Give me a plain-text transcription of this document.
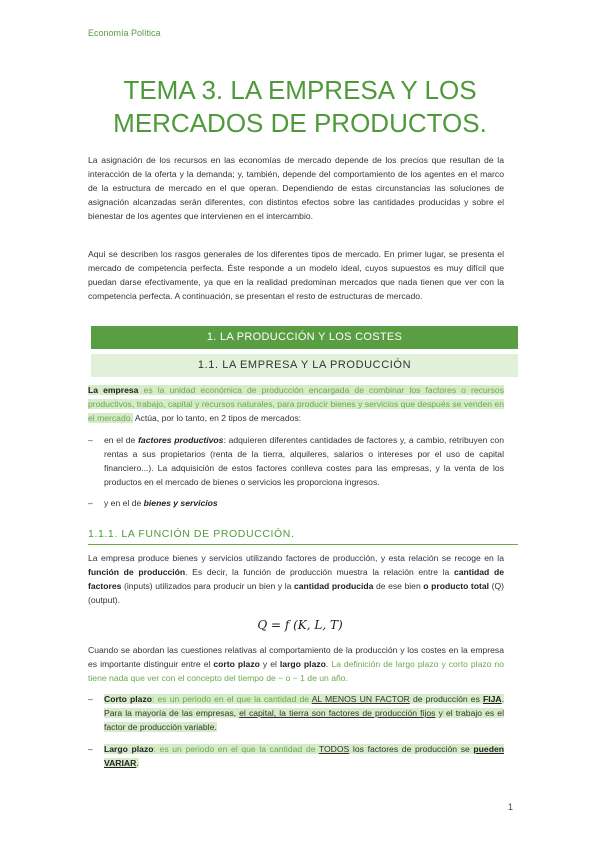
Economía Política
TEMA 3. LA EMPRESA Y LOS
MERCADOS DE PRODUCTOS.

La asignación de los recursos en las economías de mercado depende de los precios que resultan de la interacción de la oferta y la demanda; y, también, depende del comportamiento de los agentes en el marco de la estructura de mercado en el que operan. Dependiendo de estas circunstancias las soluciones de asignación alcanzadas serán diferentes, con distintos efectos sobre las cantidades producidas y sobre el bienestar de los agentes que intervienen en el intercambio.

Aquí se describen los rasgos generales de los diferentes tipos de mercado. En primer lugar, se presenta el mercado de competencia perfecta. Éste responde a un modelo ideal, cuyos supuestos es muy difícil que puedan darse efectivamente, ya que en la realidad predominan mercados que nada tienen que ver con la competencia perfecta. A continuación, se presentan el resto de estructuras de mercado.

1. LA PRODUCCIÓN Y LOS COSTES
1.1. LA EMPRESA Y LA PRODUCCIÓN

La empresa es la unidad económica de producción encargada de combinar los factores o recursos productivos, trabajo, capital y recursos naturales, para producir bienes y servicios que después se venden en el mercado. Actúa, por lo tanto, en 2 tipos de mercados:

– en el de factores productivos: adquieren diferentes cantidades de factores y, a cambio, retribuyen con rentas a sus propietarios (renta de la tierra, alquileres, salarios o intereses por el uso de capital financiero...). La adquisición de estos factores conlleva costes para las empresas, y la venta de los productos en el mercado de bienes o servicios les proporciona ingresos.
– y en el de bienes y servicios
1.1.1. LA FUNCIÓN DE PRODUCCIÓN.

La empresa produce bienes y servicios utilizando factores de producción, y esta relación se recoge en la función de producción. Es decir, la función de producción muestra la relación entre la cantidad de factores (inputs) utilizados para producir un bien y la cantidad producida de ese bien o producto total (Q)(output).

Q = f (K, L, T)

Cuando se abordan las cuestiones relativas al comportamiento de la producción y los costes en la empresa es importante distinguir entre el corto plazo y el largo plazo. La definición de largo plazo y corto plazo no tiene nada que ver con el concepto del tiempo de − o − 1 de un año.

– Corto plazo: es un periodo en el que la cantidad de AL MENOS UN FACTOR de producción es FIJA. Para la mayoría de las empresas, el capital, la tierra son factores de producción fijos y el trabajo es el factor de producción variable.
– Largo plazo: es un periodo en el que la cantidad de TODOS los factores de producción se pueden VARIAR.
1
